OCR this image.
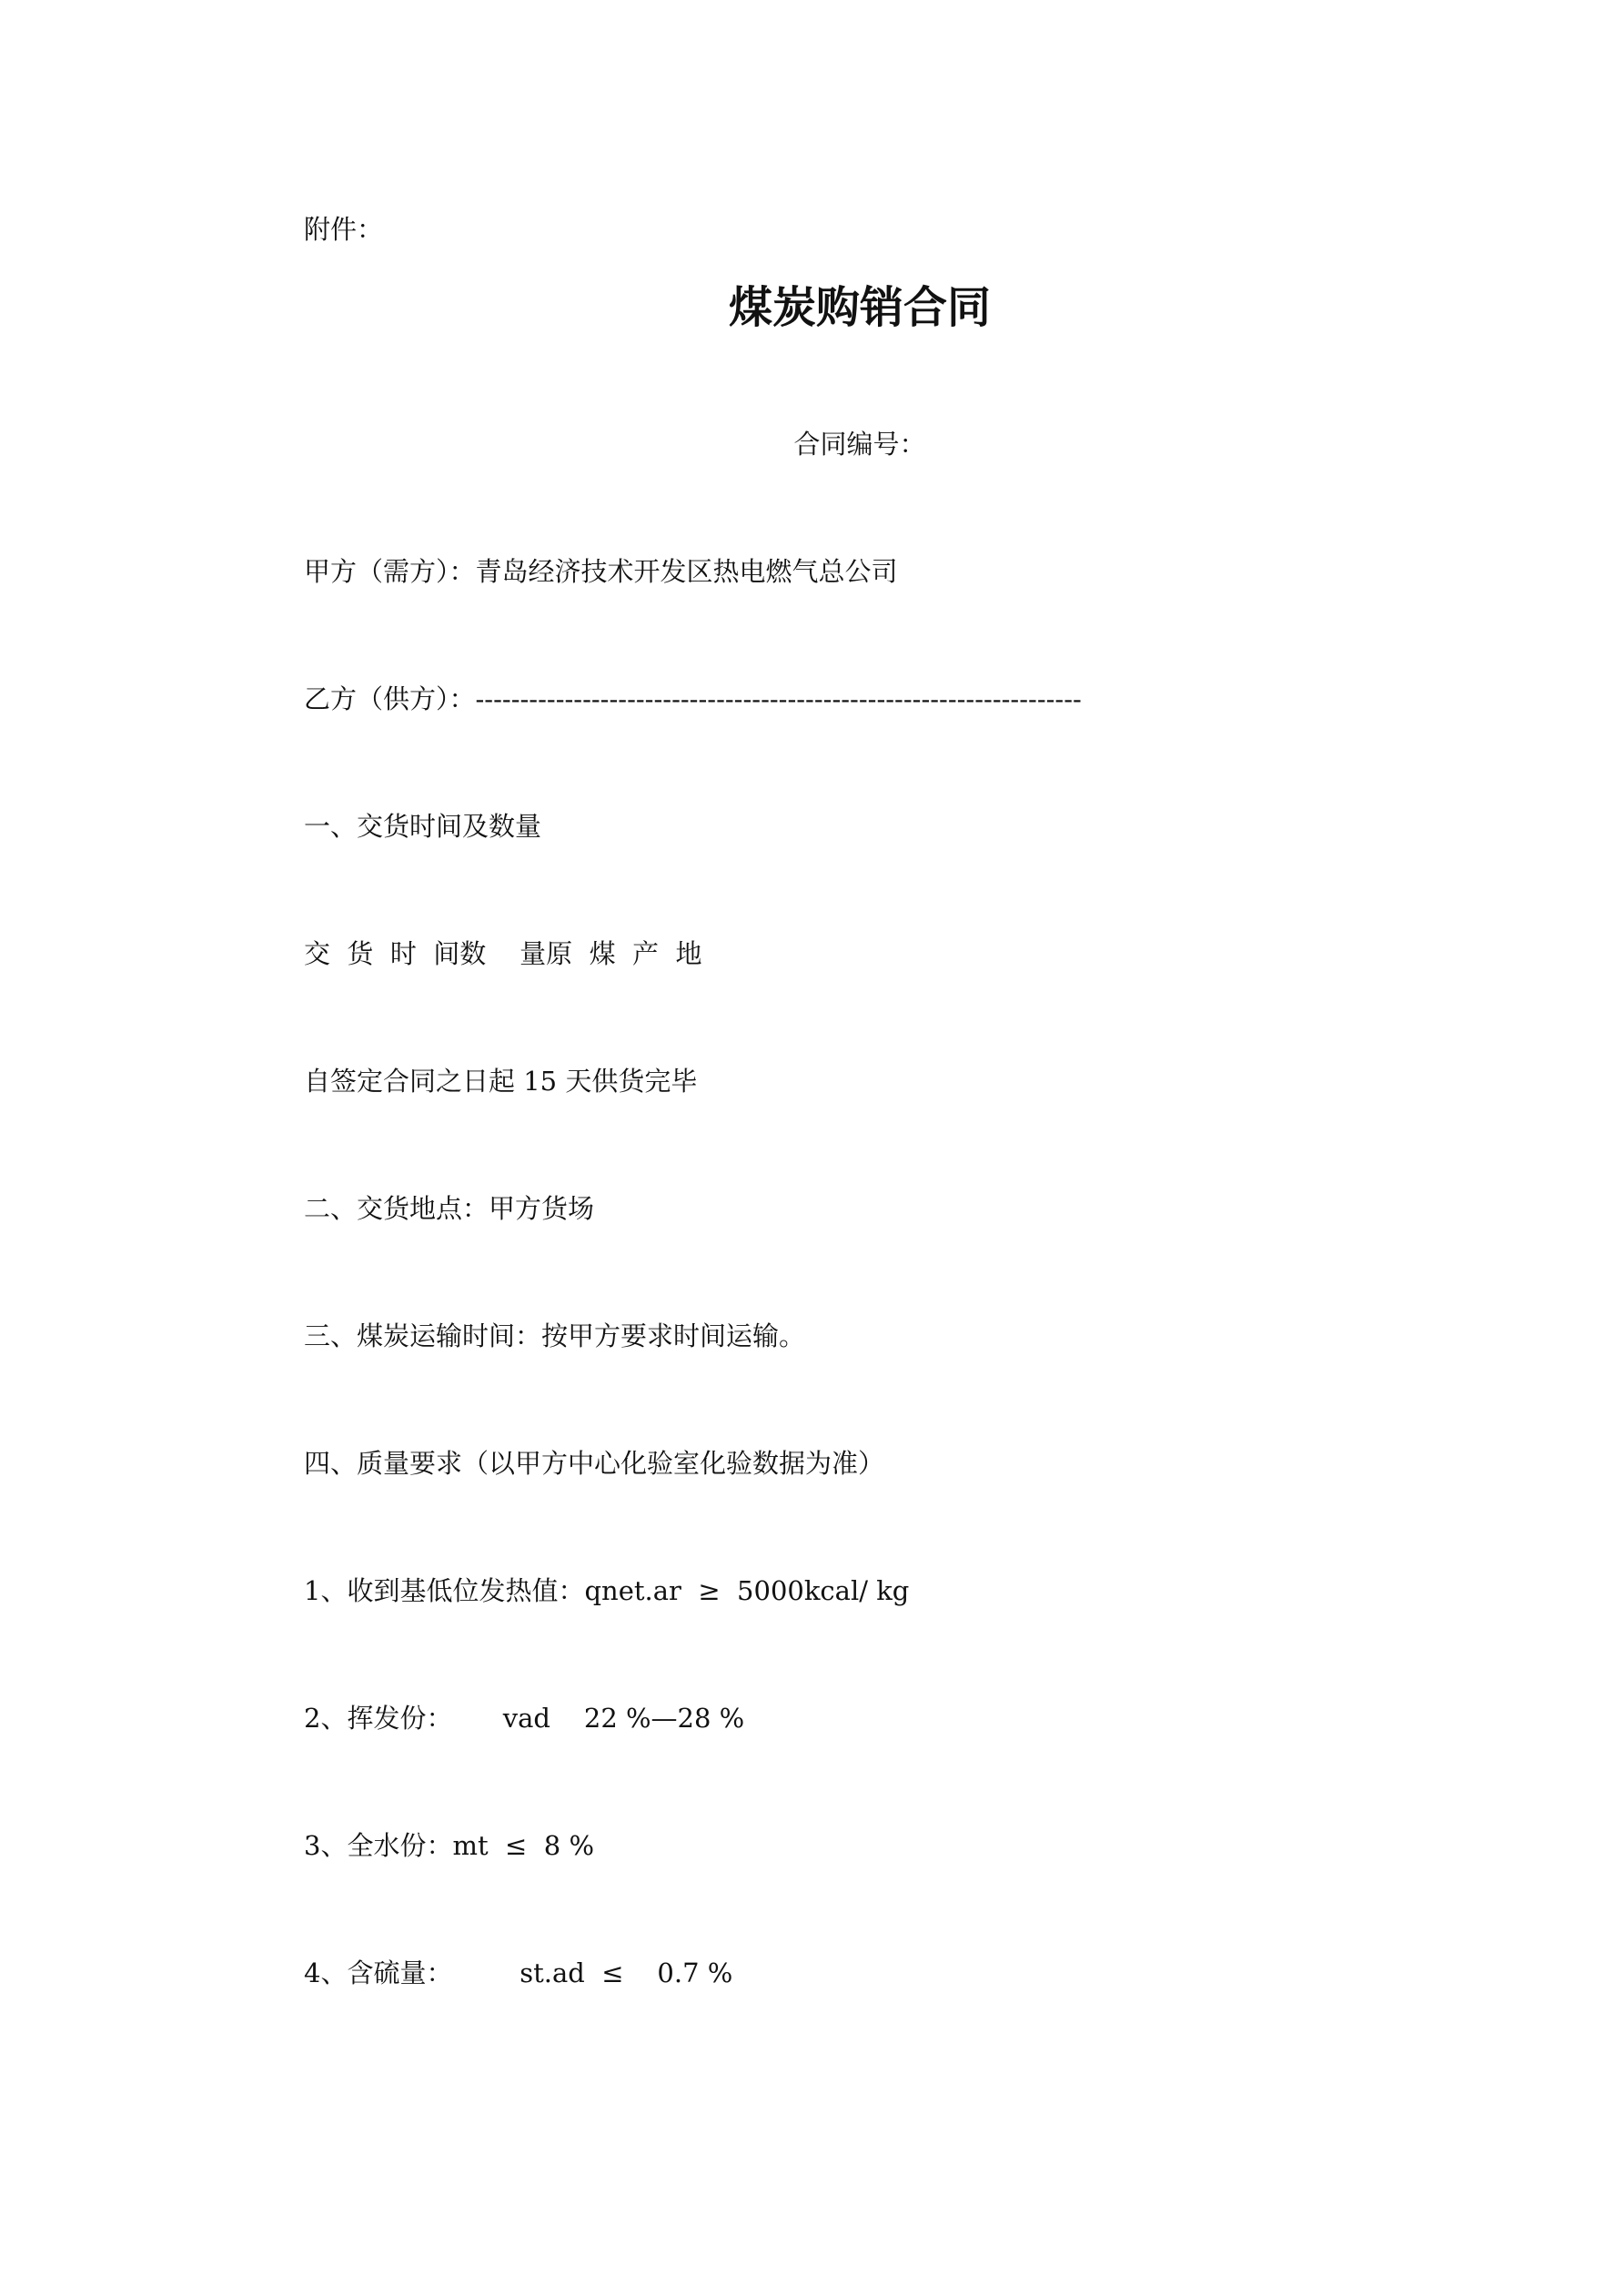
附件：
煤炭购销合同
合同编号：
甲方（需方）：青岛经济技术开发区热电燃气总公司
乙方（供方）：--------------------------------------------------------------------
一、交货时间及数量
交  货  时  间数    量原  煤  产  地
自签定合同之日起 15 天供货完毕
二、交货地点：甲方货场
三、煤炭运输时间：按甲方要求时间运输。
四、质量要求（以甲方中心化验室化验数据为准）
1、收到基低位发热值：qnet.ar  ≥  5000kcal/ kg
2、挥发份：      vad    22 %—28 %
3、全水份：mt  ≤  8 %
4、含硫量：        st.ad  ≤    0.7 %
